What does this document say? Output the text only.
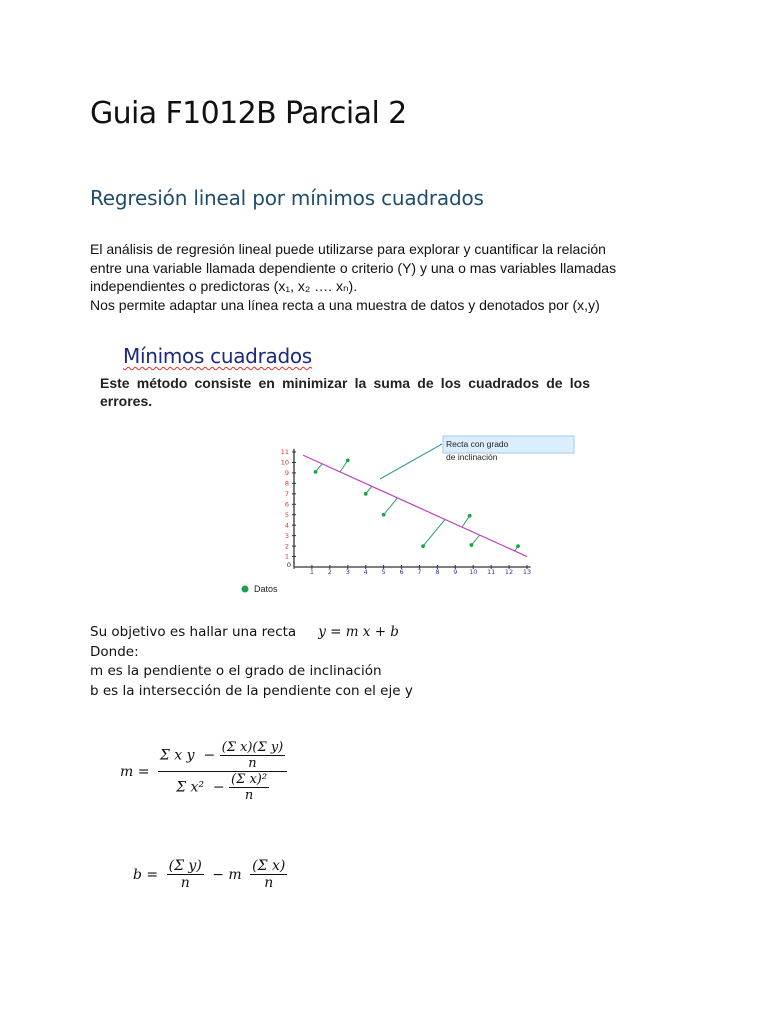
Guia F1012B Parcial 2
Regresión lineal por mínimos cuadrados
El análisis de regresión lineal puede utilizarse para explorar y cuantificar la relación
entre una variable llamada dependiente o criterio (Y) y una o mas variables llamadas
independientes o predictoras (x₁, x₂ …. xₙ).
Nos permite adaptar una línea recta a una muestra de datos y denotados por (x,y)
Mínimos cuadrados
Este método consiste en minimizar la suma de los cuadrados de los errores.
Recta con grado
de inclinación
0
1 2 3 4 5 6 7 8 9 10 11 12 13
1
2
3
4
5
6
7
8
9
10
11
Datos
Su objetivo es hallar una recta y = m x + b
Donde:
m es la pendiente o el grado de inclinación
b es la intersección de la pendiente con el eje y
$m = \frac{\Sigma x y - \frac{\text{(Σ x)(Σ y)}}{n}}{\Sigma x^2 - \frac{\text{(Σ x)²}}{n}}$
$b = \frac{\text{(Σ y)}}{n} - m \frac{\text{(Σ x)}}{n}$
